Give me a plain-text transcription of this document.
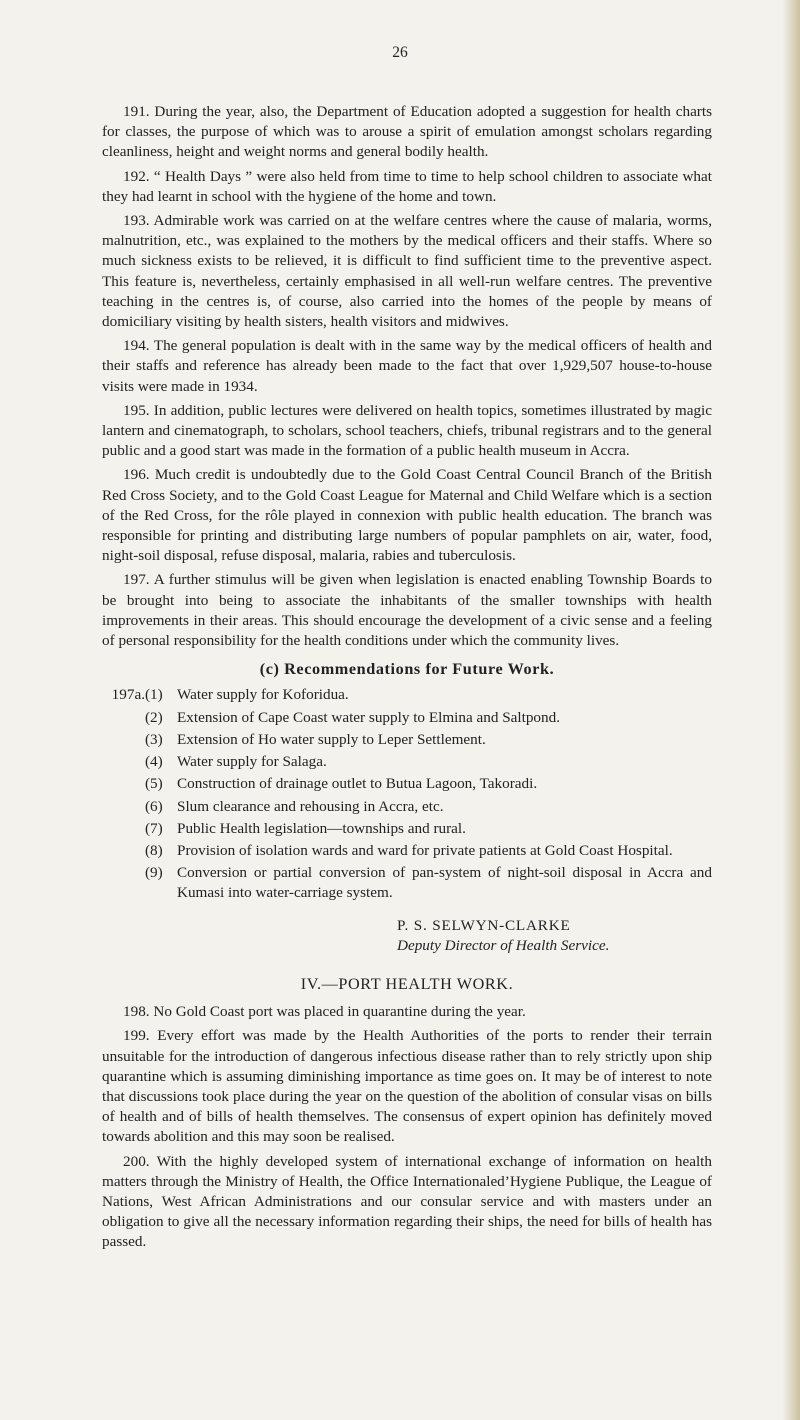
26

191. During the year, also, the Department of Education adopted a suggestion for health charts for classes, the purpose of which was to arouse a spirit of emulation amongst scholars regarding cleanliness, height and weight norms and general bodily health.

192. “ Health Days ” were also held from time to time to help school children to associate what they had learnt in school with the hygiene of the home and town.

193. Admirable work was carried on at the welfare centres where the cause of malaria, worms, malnutrition, etc., was explained to the mothers by the medical officers and their staffs. Where so much sickness exists to be relieved, it is difficult to find sufficient time to the preventive aspect. This feature is, nevertheless, certainly emphasised in all well-run welfare centres. The preventive teaching in the centres is, of course, also carried into the homes of the people by means of domiciliary visiting by health sisters, health visitors and midwives.

194. The general population is dealt with in the same way by the medical officers of health and their staffs and reference has already been made to the fact that over 1,929,507 house-to-house visits were made in 1934.

195. In addition, public lectures were delivered on health topics, sometimes illustrated by magic lantern and cinematograph, to scholars, school teachers, chiefs, tribunal registrars and to the general public and a good start was made in the formation of a public health museum in Accra.

196. Much credit is undoubtedly due to the Gold Coast Central Council Branch of the British Red Cross Society, and to the Gold Coast League for Maternal and Child Welfare which is a section of the Red Cross, for the rôle played in connexion with public health education. The branch was responsible for printing and distributing large numbers of popular pamphlets on air, water, food, night-soil disposal, refuse disposal, malaria, rabies and tuberculosis.

197. A further stimulus will be given when legislation is enacted enabling Township Boards to be brought into being to associate the inhabitants of the smaller townships with health improvements in their areas. This should encourage the development of a civic sense and a feeling of personal responsibility for the health conditions under which the community lives.

(c) Recommendations for Future Work.
197a. (1) Water supply for Koforidua.
(2) Extension of Cape Coast water supply to Elmina and Saltpond.
(3) Extension of Ho water supply to Leper Settlement.
(4) Water supply for Salaga.
(5) Construction of drainage outlet to Butua Lagoon, Takoradi.
(6) Slum clearance and rehousing in Accra, etc.
(7) Public Health legislation—townships and rural.
(8) Provision of isolation wards and ward for private patients at Gold Coast Hospital.
(9) Conversion or partial conversion of pan-system of night-soil disposal in Accra and Kumasi into water-carriage system.
P. S. SELWYN-CLARKE
Deputy Director of Health Service.
IV.—PORT HEALTH WORK.

198. No Gold Coast port was placed in quarantine during the year.

199. Every effort was made by the Health Authorities of the ports to render their terrain unsuitable for the introduction of dangerous infectious disease rather than to rely strictly upon ship quarantine which is assuming diminishing importance as time goes on. It may be of interest to note that discussions took place during the year on the question of the abolition of consular visas on bills of health and of bills of health themselves. The consensus of expert opinion has definitely moved towards abolition and this may soon be realised.

200. With the highly developed system of international exchange of information on health matters through the Ministry of Health, the Office Internationaled’Hygiene Publique, the League of Nations, West African Administrations and our consular service and with masters under an obligation to give all the necessary information regarding their ships, the need for bills of health has passed.
